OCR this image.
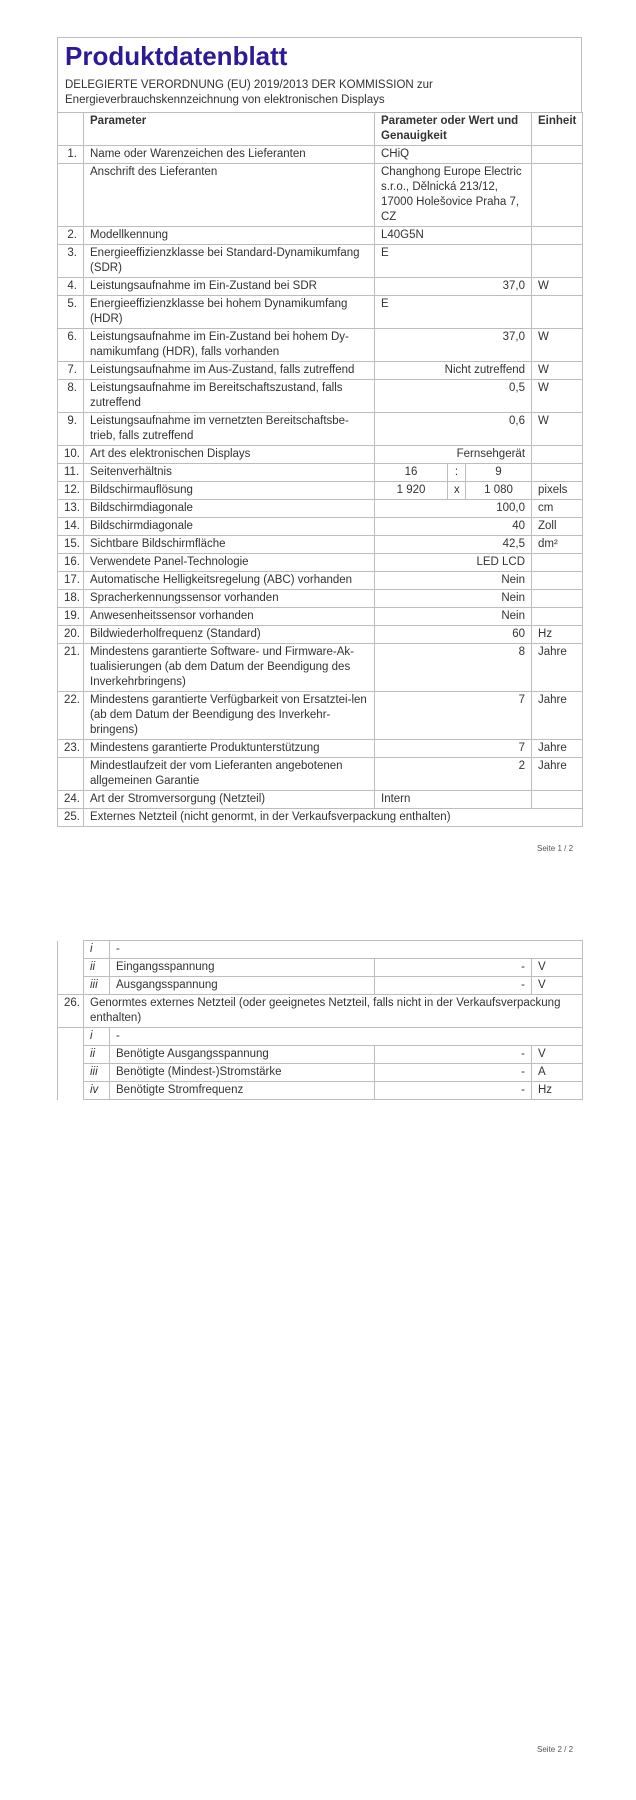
Produktdatenblatt
DELEGIERTE VERORDNUNG (EU) 2019/2013 DER KOMMISSION zur Energieverbrauchskennzeichnung von elektronischen Displays
	Parameter	Parameter oder Wert und Genauigkeit			Einheit
1.	Name oder Warenzeichen des Lieferanten	CHiQ			
	Anschrift des Lieferanten	Changhong Europe Electric s.r.o., Dělnická 213/12, 17000 Holešovice Praha 7, CZ			
2.	Modellkennung	L40G5N			
3.	Energieeffizienzklasse bei Standard-Dynamikumfang (SDR)	E			
4.	Leistungsaufnahme im Ein-Zustand bei SDR	37,0			W
5.	Energieeffizienzklasse bei hohem Dynamikumfang (HDR)	E			
6.	Leistungsaufnahme im Ein-Zustand bei hohem Dy-namikumfang (HDR), falls vorhanden	37,0			W
7.	Leistungsaufnahme im Aus-Zustand, falls zutreffend	Nicht zutreffend			W
8.	Leistungsaufnahme im Bereitschaftszustand, falls zutreffend	0,5			W
9.	Leistungsaufnahme im vernetzten Bereitschaftsbe-trieb, falls zutreffend	0,6			W
10.	Art des elektronischen Displays	Fernsehgerät			
11.	Seitenverhältnis	16	:	9	
12.	Bildschirmauflösung	1 920	x	1 080	pixels
13.	Bildschirmdiagonale	100,0			cm
14.	Bildschirmdiagonale	40			Zoll
15.	Sichtbare Bildschirmfläche	42,5			dm²
16.	Verwendete Panel-Technologie	LED LCD			
17.	Automatische Helligkeitsregelung (ABC) vorhanden	Nein			
18.	Spracherkennungssensor vorhanden	Nein			
19.	Anwesenheitssensor vorhanden	Nein			
20.	Bildwiederholfrequenz (Standard)	60			Hz
21.	Mindestens garantierte Software- und Firmware-Ak-tualisierungen (ab dem Datum der Beendigung des Inverkehrbringens)	8			Jahre
22.	Mindestens garantierte Verfügbarkeit von Ersatztei-len (ab dem Datum der Beendigung des Inverkehr-bringens)	7			Jahre
23.	Mindestens garantierte Produktunterstützung	7			Jahre
	Mindestlaufzeit der vom Lieferanten angebotenen allgemeinen Garantie	2			Jahre
24.	Art der Stromversorgung (Netzteil)	Intern			
25.	Externes Netzteil (nicht genormt, in der Verkaufsverpackung enthalten)				
Seite 1 / 2
	i	-		
	ii	Eingangsspannung	-	V
	iii	Ausgangsspannung	-	V
26.	Genormtes externes Netzteil (oder geeignetes Netzteil, falls nicht in der Verkaufsverpackung enthalten)			
	i	-		
	ii	Benötigte Ausgangsspannung	-	V
	iii	Benötigte (Mindest-)Stromstärke	-	A
	iv	Benötigte Stromfrequenz	-	Hz
Seite 2 / 2
